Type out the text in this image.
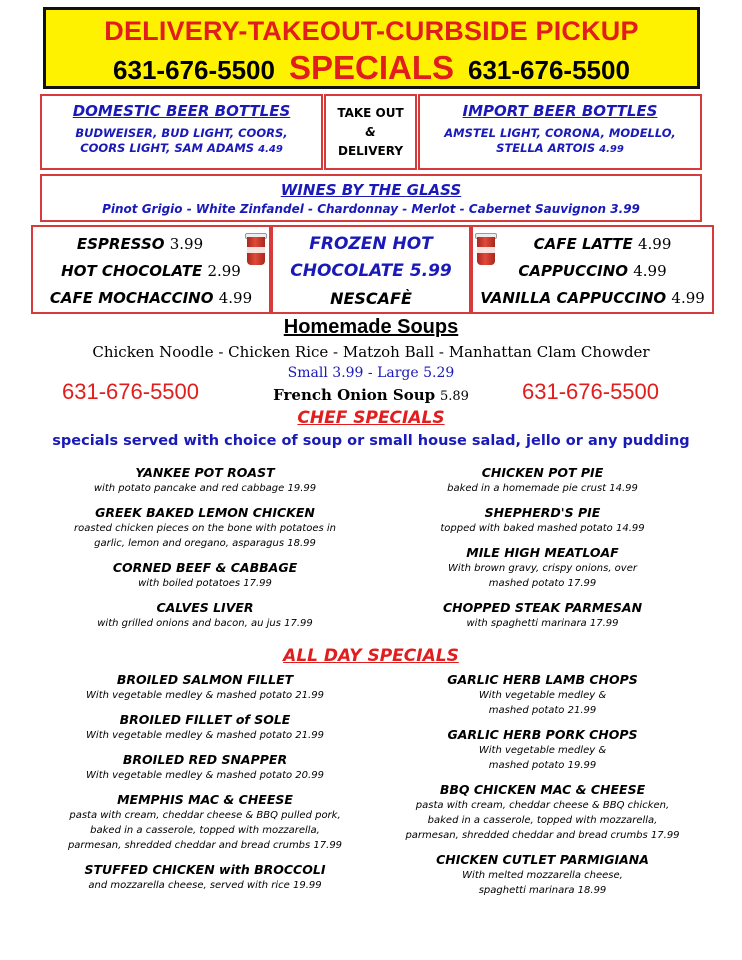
DELIVERY-TAKEOUT-CURBSIDE PICKUP
631-676-5500 SPECIALS 631-676-5500
DOMESTIC BEER BOTTLES
BUDWEISER, BUD LIGHT, COORS,
COORS LIGHT, SAM ADAMS 4.49
TAKE OUT
&
DELIVERY
IMPORT BEER BOTTLES
AMSTEL LIGHT, CORONA, MODELLO,
STELLA ARTOIS 4.99
WINES BY THE GLASS
Pinot Grigio - White Zinfandel - Chardonnay - Merlot - Cabernet Sauvignon 3.99
ESPRESSO 3.99
HOT CHOCOLATE 2.99
CAFE MOCHACCINO 4.99
FROZEN HOT
CHOCOLATE 5.99
NESCAFÈ
CAFE LATTE 4.99
CAPPUCCINO 4.99
VANILLA CAPPUCCINO 4.99
Homemade Soups
Chicken Noodle - Chicken Rice - Matzoh Ball - Manhattan Clam Chowder
Small 3.99 - Large 5.29
French Onion Soup 5.89
631-676-5500	631-676-5500
CHEF SPECIALS
specials served with choice of soup or small house salad, jello or any pudding
YANKEE POT ROAST
with potato pancake and red cabbage 19.99
GREEK BAKED LEMON CHICKEN
roasted chicken pieces on the bone with potatoes in
garlic, lemon and oregano, asparagus 18.99
CORNED BEEF & CABBAGE
with boiled potatoes 17.99
CALVES LIVER
with grilled onions and bacon, au jus 17.99
CHICKEN POT PIE
baked in a homemade pie crust 14.99
SHEPHERD'S PIE
topped with baked mashed potato 14.99
MILE HIGH MEATLOAF
With brown gravy, crispy onions, over
mashed potato 17.99
CHOPPED STEAK PARMESAN
with spaghetti marinara 17.99
ALL DAY SPECIALS
BROILED SALMON FILLET
With vegetable medley & mashed potato 21.99
BROILED FILLET of SOLE
With vegetable medley & mashed potato 21.99
BROILED RED SNAPPER
With vegetable medley & mashed potato 20.99
MEMPHIS MAC & CHEESE
pasta with cream, cheddar cheese & BBQ pulled pork,
baked in a casserole, topped with mozzarella,
parmesan, shredded cheddar and bread crumbs 17.99
STUFFED CHICKEN with BROCCOLI
and mozzarella cheese, served with rice 19.99
GARLIC HERB LAMB CHOPS
With vegetable medley &
mashed potato 21.99
GARLIC HERB PORK CHOPS
With vegetable medley &
mashed potato 19.99
BBQ CHICKEN MAC & CHEESE
pasta with cream, cheddar cheese & BBQ chicken,
baked in a casserole, topped with mozzarella,
parmesan, shredded cheddar and bread crumbs 17.99
CHICKEN CUTLET PARMIGIANA
With melted mozzarella cheese,
spaghetti marinara 18.99
